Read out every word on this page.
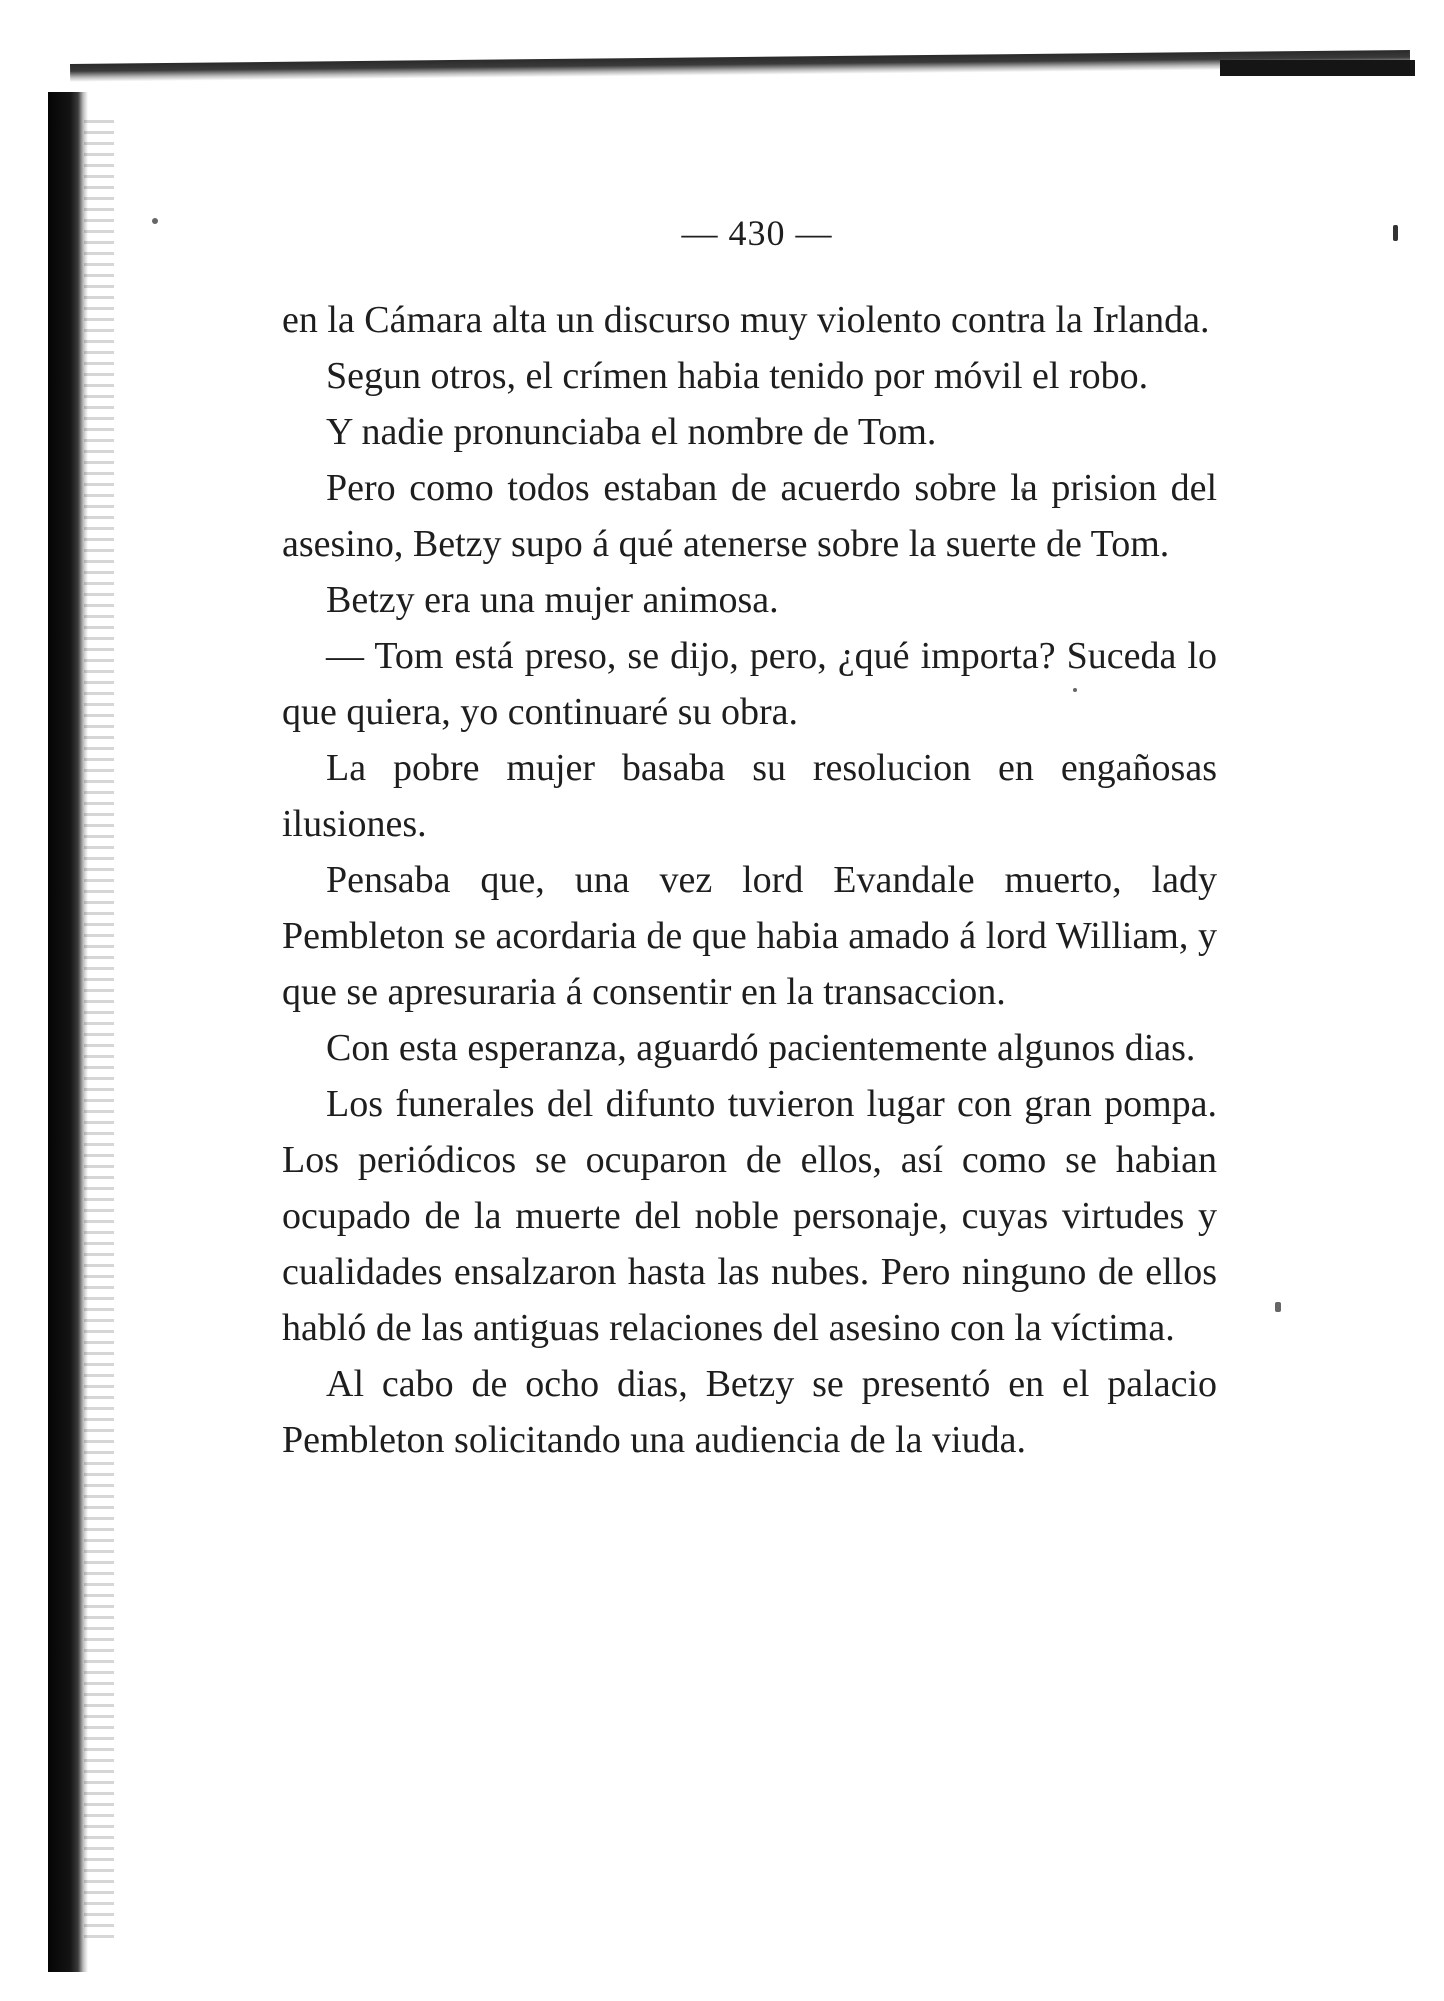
— 430 —

en la Cámara alta un discurso muy violento contra la Irlanda.

Segun otros, el crímen habia tenido por móvil el robo.

Y nadie pronunciaba el nombre de Tom.

Pero como todos estaban de acuerdo sobre la prision del asesino, Betzy supo á qué atenerse sobre la suerte de Tom.

Betzy era una mujer animosa.

— Tom está preso, se dijo, pero, ¿qué importa? Suceda lo que quiera, yo continuaré su obra.

La pobre mujer basaba su resolucion en engañosas ilusiones.

Pensaba que, una vez lord Evandale muerto, lady Pembleton se acordaria de que habia amado á lord William, y que se apresuraria á consentir en la transaccion.

Con esta esperanza, aguardó pacientemente algunos dias.

Los funerales del difunto tuvieron lugar con gran pompa. Los periódicos se ocuparon de ellos, así como se habian ocupado de la muerte del noble personaje, cuyas virtudes y cualidades ensalzaron hasta las nubes. Pero ninguno de ellos habló de las antiguas relaciones del asesino con la víctima.

Al cabo de ocho dias, Betzy se presentó en el palacio Pembleton solicitando una audiencia de la viuda.
